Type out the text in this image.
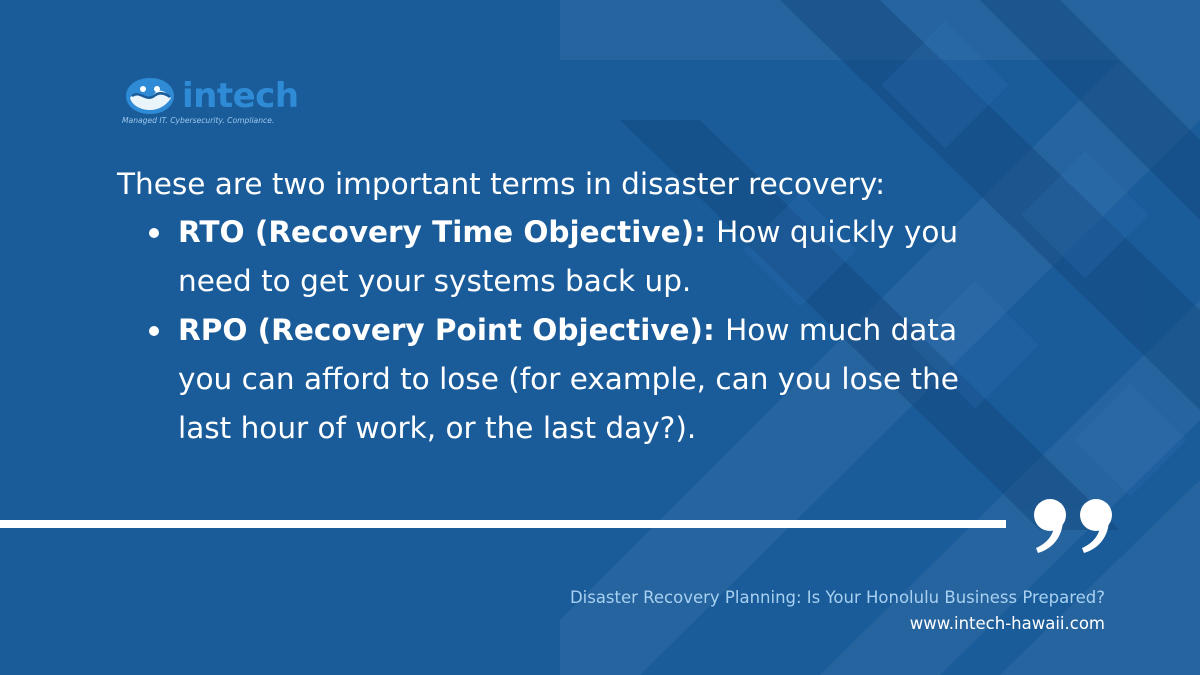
intech
Managed IT. Cybersecurity. Compliance.

These are two important terms in disaster recovery:

RTO (Recovery Time Objective): How quickly you need to get your systems back up.
RPO (Recovery Point Objective): How much data you can afford to lose (for example, can you lose the last hour of work, or the last day?).
Disaster Recovery Planning: Is Your Honolulu Business Prepared?
www.intech-hawaii.com
